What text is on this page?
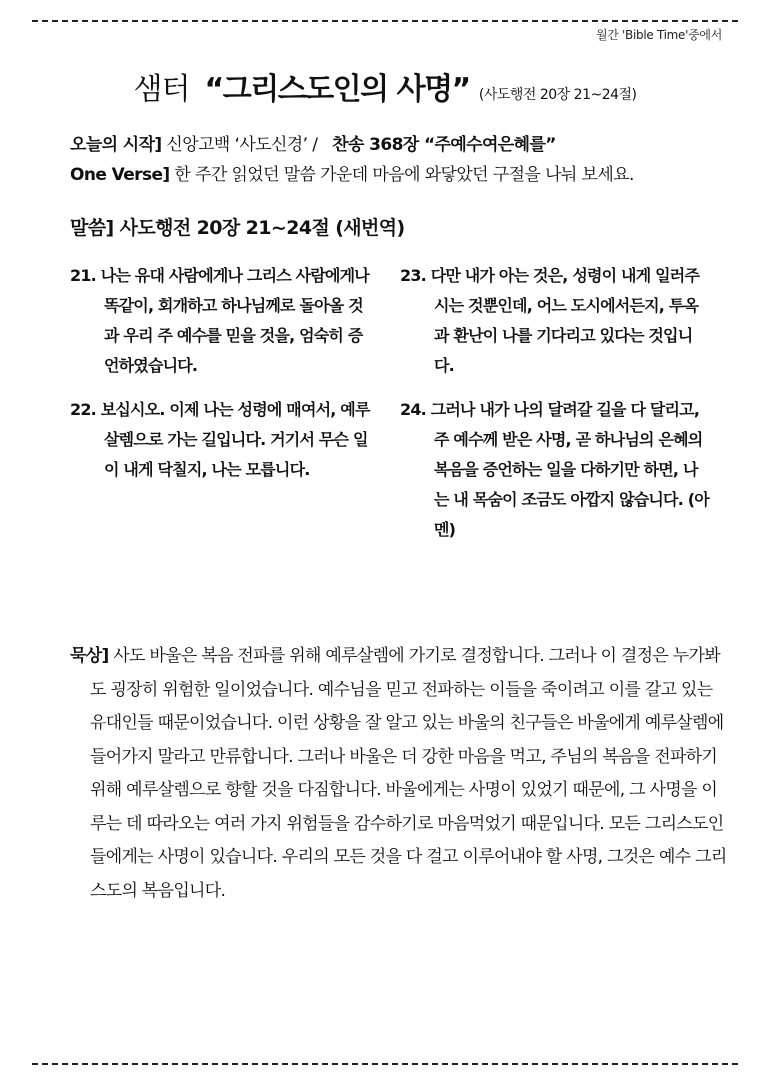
월간 'Bible Time'중에서
샘터 “그리스도인의 사명” (사도행전 20장 21~24절)
오늘의 시작] 신앙고백 ‘사도신경’ / 찬송 368장 “주예수여은혜를”
One Verse] 한 주간 읽었던 말씀 가운데 마음에 와닿았던 구절을 나눠 보세요.
말씀] 사도행전 20장 21~24절 (새번역)
21. 나는 유대 사람에게나 그리스 사람에게나 똑같이, 회개하고 하나님께로 돌아올 것과 우리 주 예수를 믿을 것을, 엄숙히 증언하였습니다.
22. 보십시오. 이제 나는 성령에 매여서, 예루살렘으로 가는 길입니다. 거기서 무슨 일이 내게 닥칠지, 나는 모릅니다.
23. 다만 내가 아는 것은, 성령이 내게 일러주시는 것뿐인데, 어느 도시에서든지, 투옥과 환난이 나를 기다리고 있다는 것입니다.
24. 그러나 내가 나의 달려갈 길을 다 달리고, 주 예수께 받은 사명, 곧 하나님의 은혜의 복음을 증언하는 일을 다하기만 하면, 나는 내 목숨이 조금도 아깝지 않습니다. (아멘)
묵상] 사도 바울은 복음 전파를 위해 예루살렘에 가기로 결정합니다. 그러나 이 결정은 누가봐도 굉장히 위험한 일이었습니다. 예수님을 믿고 전파하는 이들을 죽이려고 이를 갈고 있는 유대인들 때문이었습니다. 이런 상황을 잘 알고 있는 바울의 친구들은 바울에게 예루살렘에 들어가지 말라고 만류합니다. 그러나 바울은 더 강한 마음을 먹고, 주님의 복음을 전파하기 위해 예루살렘으로 향할 것을 다짐합니다. 바울에게는 사명이 있었기 때문에, 그 사명을 이루는 데 따라오는 여러 가지 위험들을 감수하기로 마음먹었기 때문입니다. 모든 그리스도인들에게는 사명이 있습니다. 우리의 모든 것을 다 걸고 이루어내야 할 사명, 그것은 예수 그리스도의 복음입니다.
